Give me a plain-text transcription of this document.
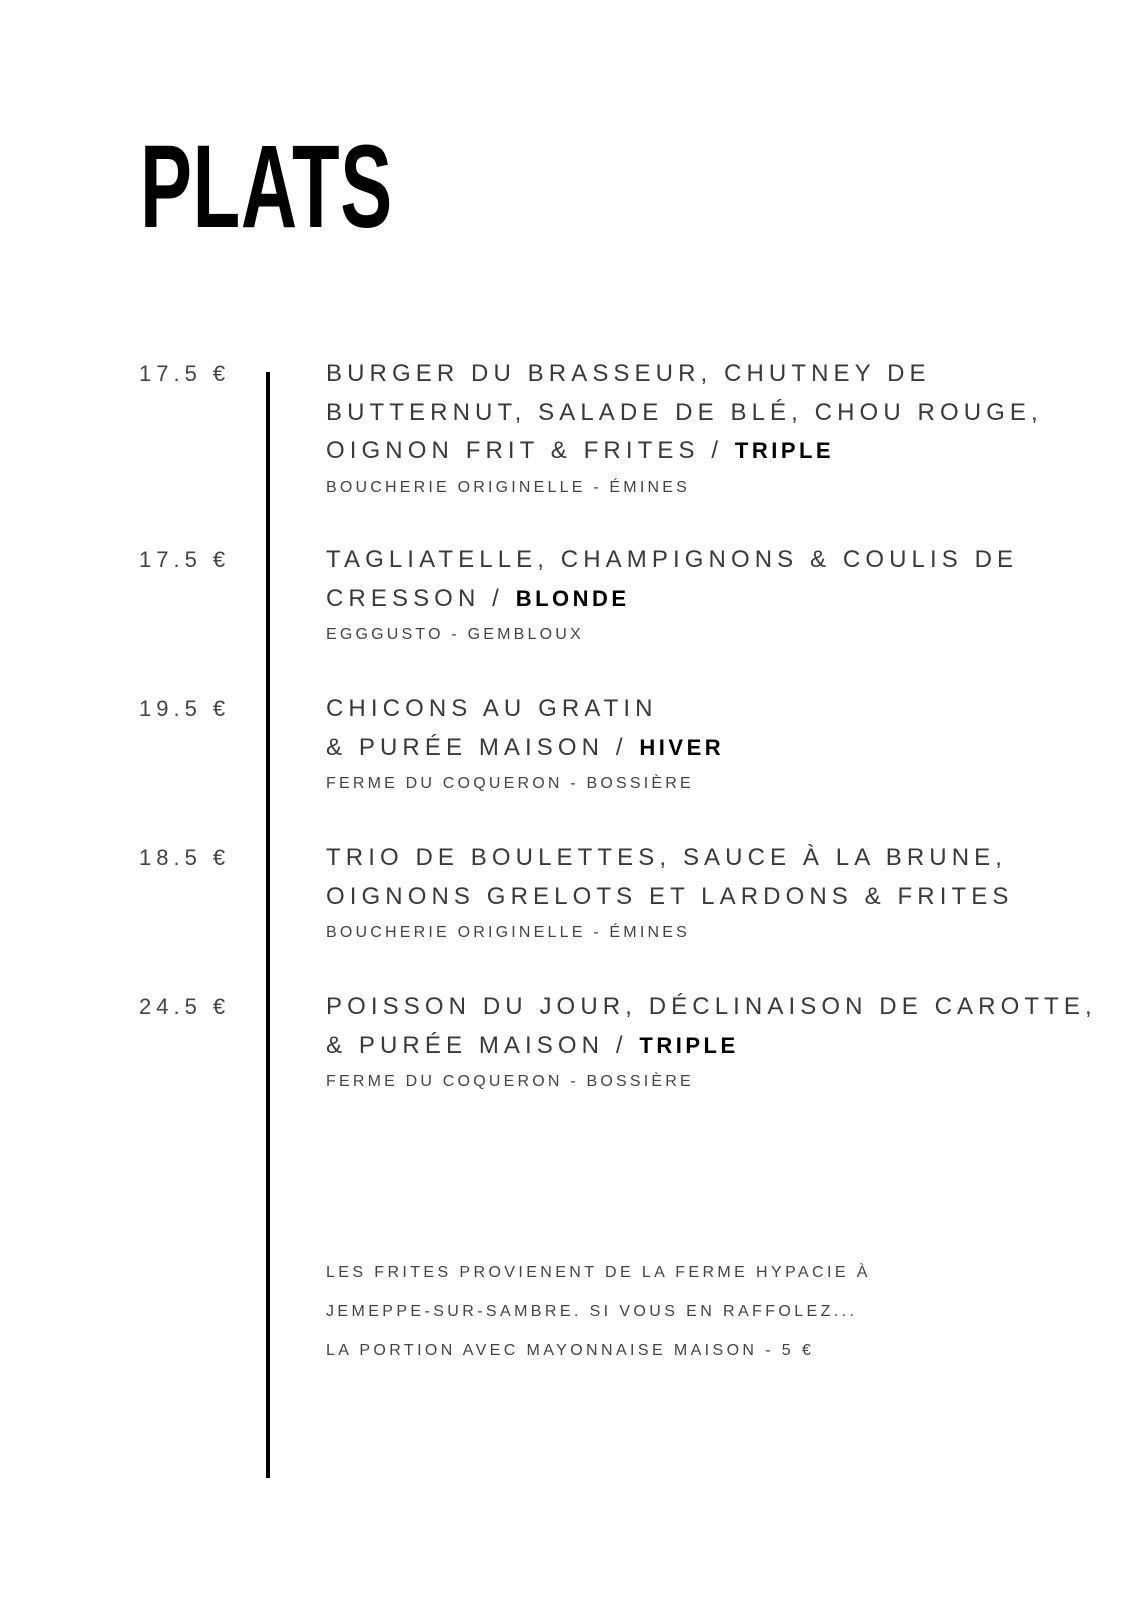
PLATS
17.5 €	BURGER DU BRASSEUR, CHUTNEY DE

BUTTERNUT, SALADE DE BLÉ, CHOU ROUGE,

OIGNON FRIT & FRITES / TRIPLE

BOUCHERIE ORIGINELLE - ÉMINES
17.5 €	TAGLIATELLE, CHAMPIGNONS & COULIS DE

CRESSON / BLONDE

EGGGUSTO - GEMBLOUX
19.5 €	CHICONS AU GRATIN

& PURÉE MAISON / HIVER

FERME DU COQUERON - BOSSIÈRE
18.5 €	TRIO DE BOULETTES, SAUCE À LA BRUNE,

OIGNONS GRELOTS ET LARDONS & FRITES

BOUCHERIE ORIGINELLE - ÉMINES
24.5 €	POISSON DU JOUR, DÉCLINAISON DE CAROTTE,

& PURÉE MAISON / TRIPLE

FERME DU COQUERON - BOSSIÈRE
LES FRITES PROVIENENT DE LA FERME HYPACIE À
JEMEPPE-SUR-SAMBRE. SI VOUS EN RAFFOLEZ...
LA PORTION AVEC MAYONNAISE MAISON - 5 €
